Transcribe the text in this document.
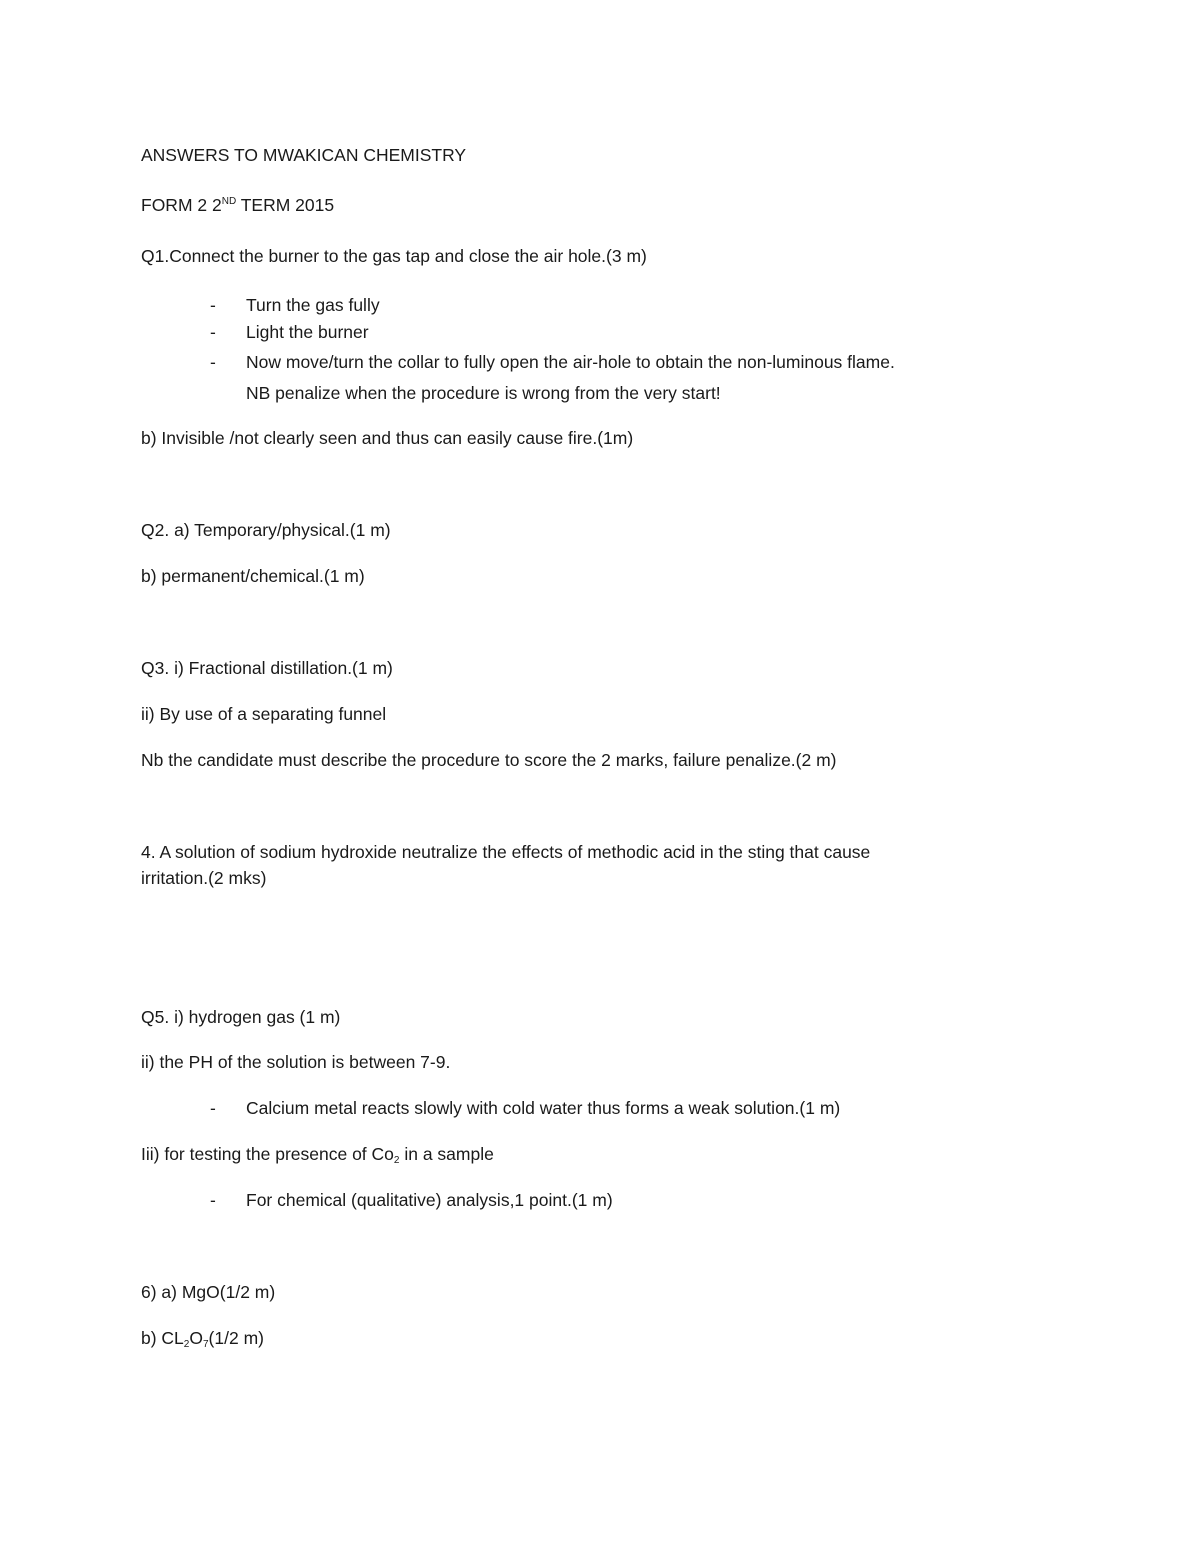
ANSWERS TO MWAKICAN CHEMISTRY
FORM 2 2ND TERM 2015
Q1.Connect the burner to the gas tap and close the air hole.(3 m)
- Turn the gas fully
- Light the burner
- Now move/turn the collar to fully open the air-hole to obtain the non-luminous flame.
NB penalize when the procedure is wrong from the very start!
b) Invisible /not clearly seen and thus can easily cause fire.(1m)
Q2. a) Temporary/physical.(1 m)
b) permanent/chemical.(1 m)
Q3. i) Fractional distillation.(1 m)
ii) By use of a separating funnel
Nb the candidate must describe the procedure to score the 2 marks, failure penalize.(2 m)
4. A solution of sodium hydroxide neutralize the effects of methodic acid in the sting that cause
irritation.(2 mks)
Q5. i) hydrogen gas (1 m)
ii) the PH of the solution is between 7-9.
- Calcium metal reacts slowly with cold water thus forms a weak solution.(1 m)
Iii) for testing the presence of $Co_2$ in a sample
- For chemical (qualitative) analysis,1 point.(1 m)
6) a) MgO(1/2 m)
b) $CL_2O_7(1/2$ m)
